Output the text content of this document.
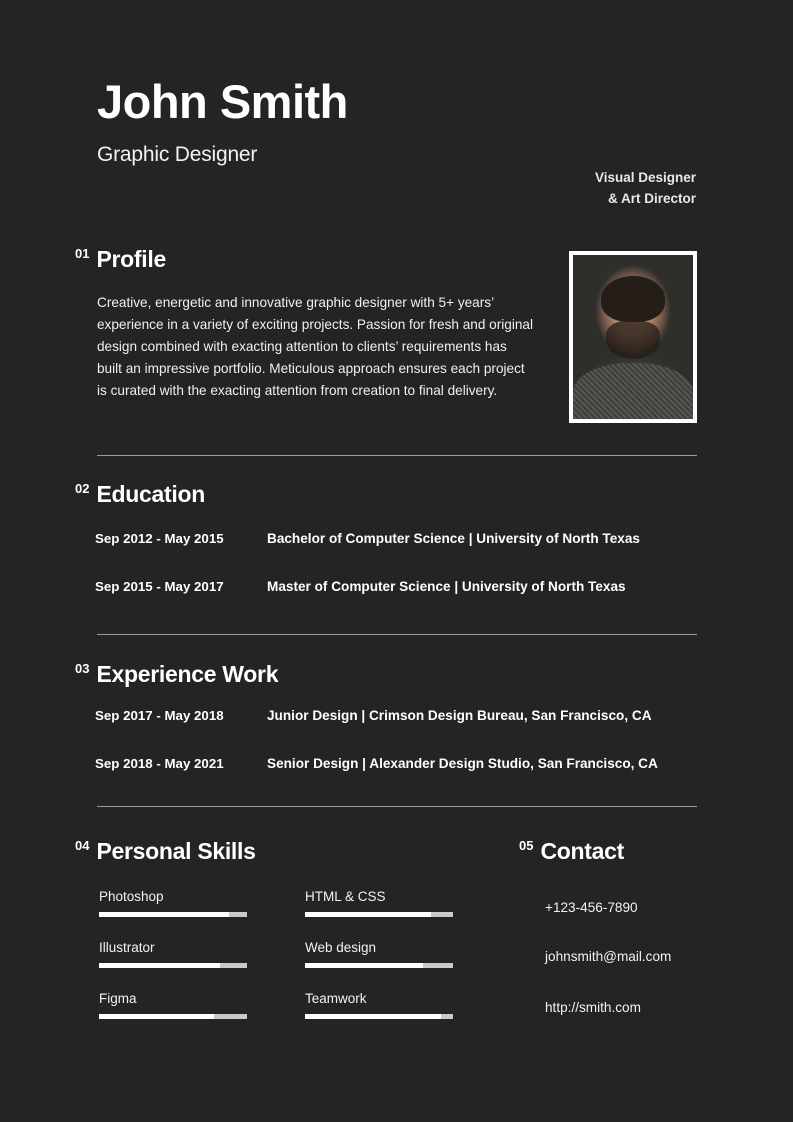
John Smith
Graphic Designer
Visual Designer
& Art Director
01 Profile
Creative, energetic and innovative graphic designer with 5+ years’ experience in a variety of exciting projects. Passion for fresh and original design combined with exacting attention to clients’ requirements has built an impressive portfolio. Meticulous approach ensures each project is curated with the exacting attention from creation to final delivery.
02 Education
Sep 2012 - May 2015	Bachelor of Computer Science | University of North Texas
Sep 2015 - May 2017	Master of Computer Science | University of North Texas
03 Experience Work
Sep 2017 - May 2018	Junior Design | Crimson Design Bureau, San Francisco, CA
Sep 2018 - May 2021	Senior Design | Alexander Design Studio, San Francisco, CA
04 Personal Skills	05 Contact
Photoshop
Illustrator
Figma
HTML & CSS
Web design
Teamwork
+123-456-7890
johnsmith@mail.com
http://smith.com
